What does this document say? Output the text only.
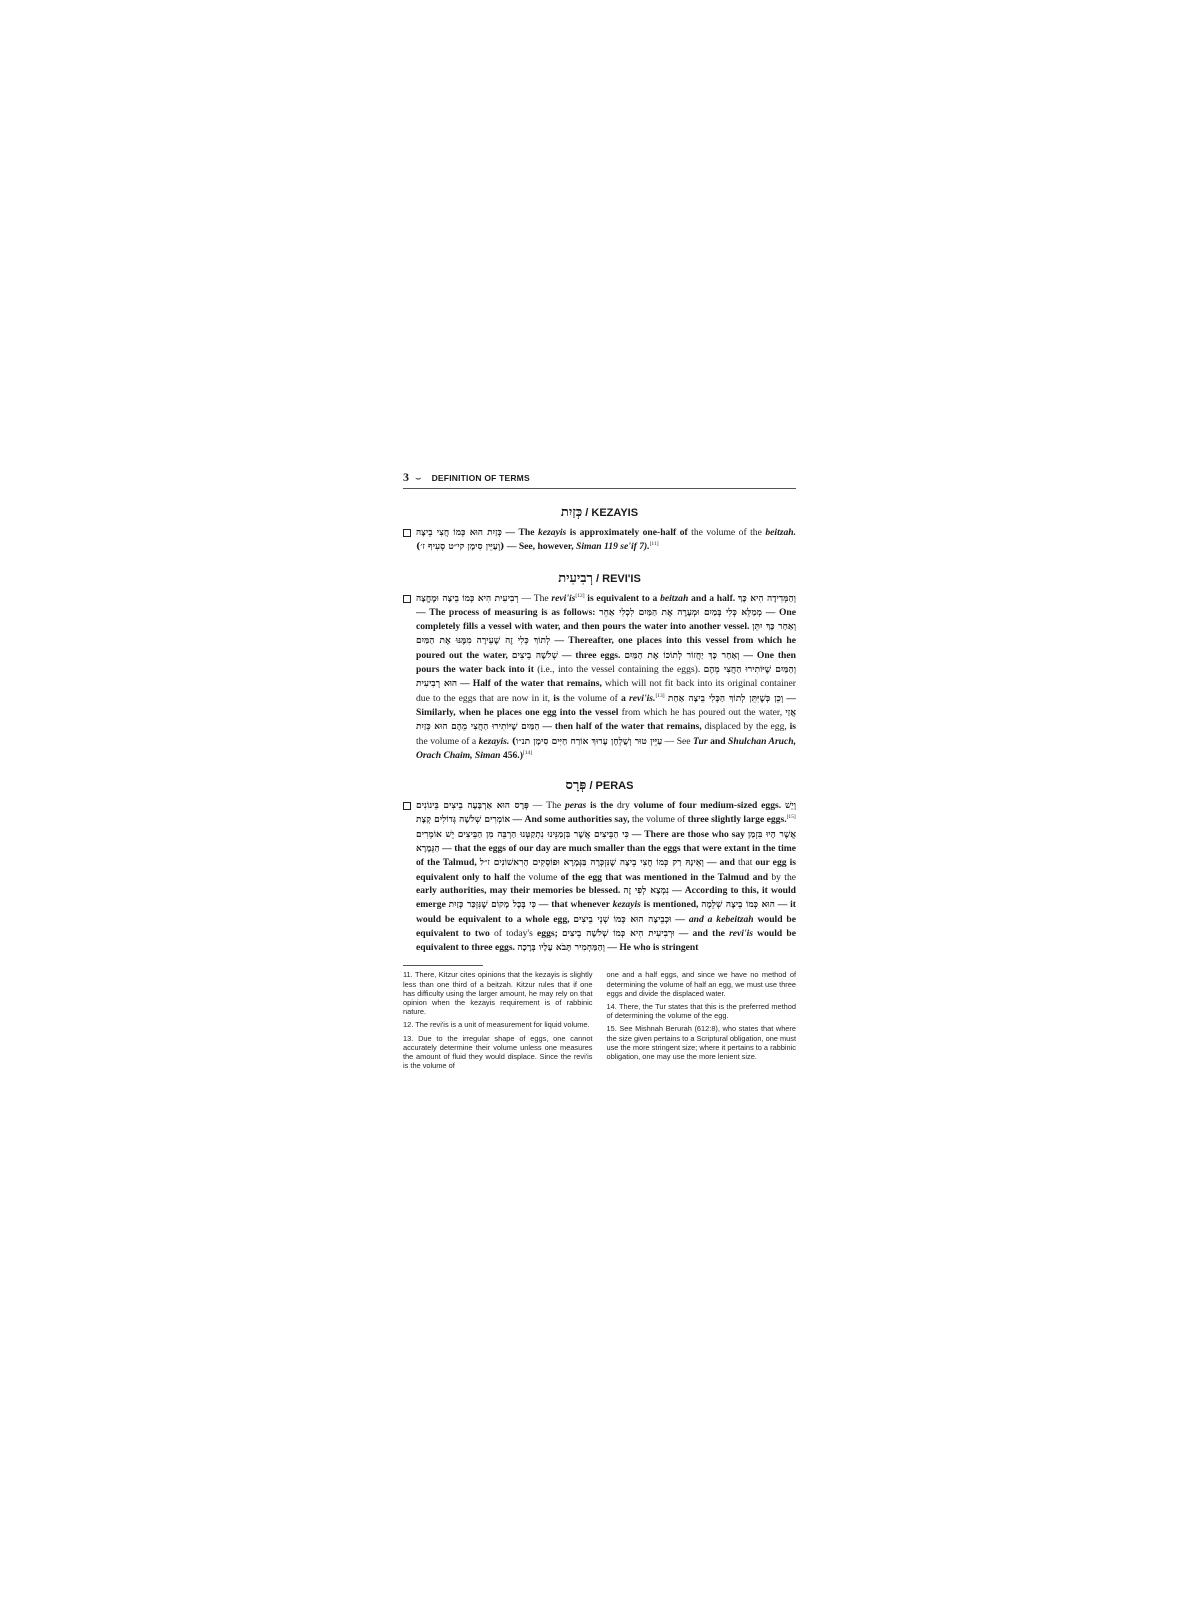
3 ⌣ DEFINITION OF TERMS
כְּזַיִת / KEZAYIS

כְּזַיִת הוּא כְּמוֹ חֲצִי בֵיצָה — The kezayis is approximately one-half of the volume of the beitzah. (וְעַיֵּין סִימָן קי״ט סְעִיף ז׳) — See, however, Siman 119 se'if 7).[11]

רְבִיעִית / REVI'IS

רְבִיעִית הִיא כְּמוֹ בֵיצָה וּמֶחֱצָה — The revi'is[12] is equivalent to a beitzah and a half. וְהַמְּדִידָה הִיא כָּךְ — The process of measuring is as follows: מְמַלֵּא כְּלִי בְּמַיִם וּמְעָרֶה אֶת הַמַּיִם לִכְלִי אַחֵר — One completely fills a vessel with water, and then pours the water into another vessel. וְאַחַר כָּךְ יִתֵּן לְתוֹךְ כְּלִי זֶה שֶׁעֵירָה מִמֶּנּוּ אֶת הַמַּיִם — Thereafter, one places into this vessel from which he poured out the water, שְׁלֹשָׁה בֵיצִים — three eggs. וְאַחַר כָּךְ יַחֲזוֹר לְתוֹכוֹ אֶת הַמַּיִם — One then pours the water back into it (i.e., into the vessel containing the eggs). וְהַמַּיִם שֶׁיּוֹתִירוּ הַחֲצִי מֵהֶם הוּא רְבִיעִית — Half of the water that remains, which will not fit back into its original container due to the eggs that are now in it, is the volume of a revi'is.[13] וְכֵן כְּשֶׁיִּתֵּן לְתוֹךְ הַכְּלִי בֵיצָה אַחַת — Similarly, when he places one egg into the vessel from which he has poured out the water, אֲזַי הַמַּיִם שֶׁיּוֹתִירוּ הַחֲצִי מֵהֶם הוּא כְּזַיִת — then half of the water that remains, displaced by the egg, is the volume of a kezayis. (עַיֵּין טוּר וְשֻׁלְחָן עָרוּךְ אוֹרַח חַיִּים סִימָן תנ״ו — See Tur and Shulchan Aruch, Orach Chaim, Siman 456.)[14]

פְּרָס / PERAS

פְּרָס הוּא אַרְבָּעָה בֵיצִים בֵּינוֹנִים — The peras is the dry volume of four medium-sized eggs. וְיֵשׁ אוֹמְרִים שְׁלֹשָׁה גְּדוֹלִים קְצָת — And some authorities say, the volume of three slightly large eggs.[15]

כִּי הַבֵּיצִים אֲשֶׁר בִּזְמַנֵּינוּ נִתְקַטְּנוּ הַרְבֵּה מִן הַבֵּיצִים יֵשׁ אוֹמְרִים — There are those who say אֲשֶׁר הָיוּ בִּזְמַן הַגְּמָרָא — that the eggs of our day are much smaller than the eggs that were extant in the time of the Talmud, וְאֵינָהּ רַק כְּמוֹ חֲצִי בֵיצָה שֶׁנִּזְכְּרָה בַּגְּמָרָא וּפוֹסְקִים הָרִאשׁוֹנִים ז״ל — and that our egg is equivalent only to half the volume of the egg that was mentioned in the Talmud and by the early authorities, may their memories be blessed. נִמְצָא לְפִי זֶה — According to this, it would emerge כִּי בְּכָל מָקוֹם שֶׁנִּזְכַּר כְּזַיִת — that whenever kezayis is mentioned, הוּא כְּמוֹ בֵיצָה שְׁלֵמָה — it would be equivalent to a whole egg, וּכְבֵיצָה הוּא כְּמוֹ שְׁנֵי בֵיצִים — and a kebeitzah would be equivalent to two of today's eggs; וּרְבִיעִית הִיא כְּמוֹ שְׁלֹשָׁה בֵיצִים — and the revi'is would be equivalent to three eggs. וְהַמַּחְמִיר תָּבֹא עָלָיו בְּרָכָה — He who is stringent

11. There, Kitzur cites opinions that the kezayis is slightly less than one third of a beitzah. Kitzur rules that if one has difficulty using the larger amount, he may rely on that opinion when the kezayis requirement is of rabbinic nature.

12. The revi'is is a unit of measurement for liquid volume.

13. Due to the irregular shape of eggs, one cannot accurately determine their volume unless one measures the amount of fluid they would displace. Since the revi'is is the volume of

one and a half eggs, and since we have no method of determining the volume of half an egg, we must use three eggs and divide the displaced water.

14. There, the Tur states that this is the preferred method of determining the volume of the egg.

15. See Mishnah Berurah (612:8), who states that where the size given pertains to a Scriptural obligation, one must use the more stringent size; where it pertains to a rabbinic obligation, one may use the more lenient size.
